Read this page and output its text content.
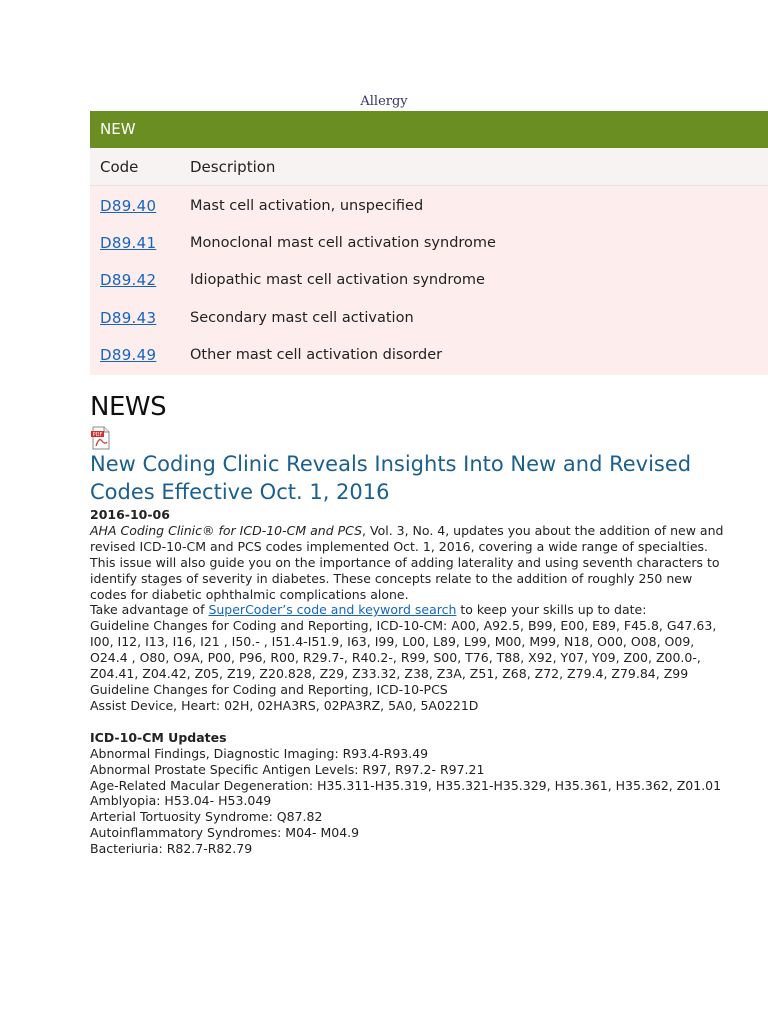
Allergy
NEW
Code	Description
D89.40	Mast cell activation, unspecified
D89.41	Monoclonal mast cell activation syndrome
D89.42	Idiopathic mast cell activation syndrome
D89.43	Secondary mast cell activation
D89.49	Other mast cell activation disorder
NEWS
PDF
New Coding Clinic Reveals Insights Into New and Revised Codes Effective Oct. 1, 2016

2016-10-06

AHA Coding Clinic® for ICD-10-CM and PCS, Vol. 3, No. 4, updates you about the addition of new and revised ICD-10-CM and PCS codes implemented Oct. 1, 2016, covering a wide range of specialties. This issue will also guide you on the importance of adding laterality and using seventh characters to identify stages of severity in diabetes. These concepts relate to the addition of roughly 250 new codes for diabetic ophthalmic complications alone.

Take advantage of SuperCoder’s code and keyword search to keep your skills up to date:

Guideline Changes for Coding and Reporting, ICD-10-CM: A00, A92.5, B99, E00, E89, F45.8, G47.63, I00, I12, I13, I16, I21 , I50.- , I51.4-I51.9, I63, I99, L00, L89, L99, M00, M99, N18, O00, O08, O09, O24.4 , O80, O9A, P00, P96, R00, R29.7-, R40.2-, R99, S00, T76, T88, X92, Y07, Y09, Z00, Z00.0-, Z04.41, Z04.42, Z05, Z19, Z20.828, Z29, Z33.32, Z38, Z3A, Z51, Z68, Z72, Z79.4, Z79.84, Z99

Guideline Changes for Coding and Reporting, ICD-10-PCS

Assist Device, Heart: 02H, 02HA3RS, 02PA3RZ, 5A0, 5A0221D

ICD-10-CM Updates

Abnormal Findings, Diagnostic Imaging: R93.4-R93.49

Abnormal Prostate Specific Antigen Levels: R97, R97.2- R97.21

Age-Related Macular Degeneration: H35.311-H35.319, H35.321-H35.329, H35.361, H35.362, Z01.01

Amblyopia: H53.04- H53.049

Arterial Tortuosity Syndrome: Q87.82

Autoinflammatory Syndromes: M04- M04.9

Bacteriuria: R82.7-R82.79
